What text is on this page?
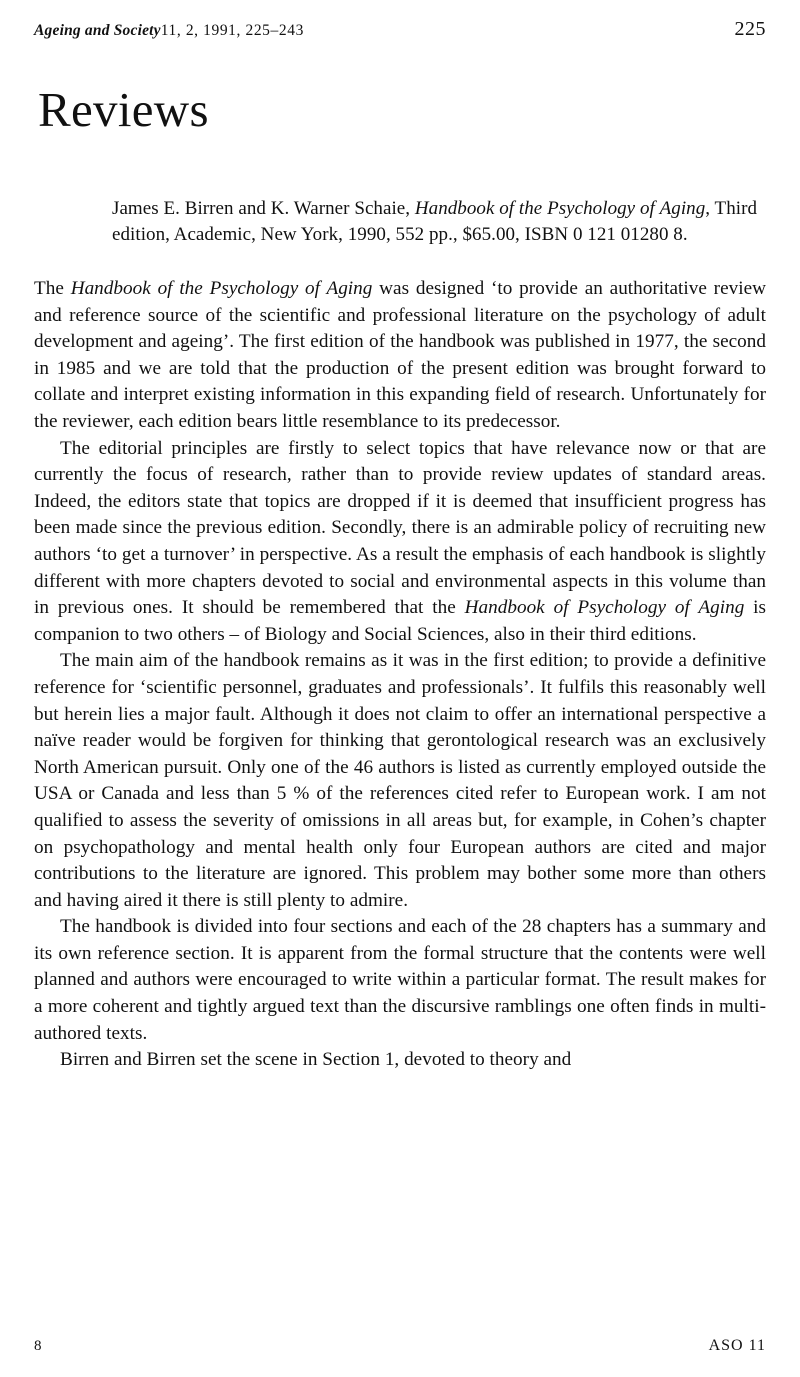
Ageing and Society11, 2, 1991, 225–243	225
Reviews
James E. Birren and K. Warner Schaie, Handbook of the Psychology of Aging, Third edition, Academic, New York, 1990, 552 pp., $65.00, ISBN 0 121 01280 8.

The Handbook of the Psychology of Aging was designed ‘to provide an authoritative review and reference source of the scientific and professional literature on the psychology of adult development and ageing’. The first edition of the handbook was published in 1977, the second in 1985 and we are told that the production of the present edition was brought forward to collate and interpret existing information in this expanding field of research. Unfortunately for the reviewer, each edition bears little resemblance to its predecessor.

The editorial principles are firstly to select topics that have relevance now or that are currently the focus of research, rather than to provide review updates of standard areas. Indeed, the editors state that topics are dropped if it is deemed that insufficient progress has been made since the previous edition. Secondly, there is an admirable policy of recruiting new authors ‘to get a turnover’ in perspective. As a result the emphasis of each handbook is slightly different with more chapters devoted to social and environmental aspects in this volume than in previous ones. It should be remembered that the Handbook of Psychology of Aging is companion to two others – of Biology and Social Sciences, also in their third editions.

The main aim of the handbook remains as it was in the first edition; to provide a definitive reference for ‘scientific personnel, graduates and professionals’. It fulfils this reasonably well but herein lies a major fault. Although it does not claim to offer an international perspective a naïve reader would be forgiven for thinking that gerontological research was an exclusively North American pursuit. Only one of the 46 authors is listed as currently employed outside the USA or Canada and less than 5 % of the references cited refer to European work. I am not qualified to assess the severity of omissions in all areas but, for example, in Cohen’s chapter on psychopathology and mental health only four European authors are cited and major contributions to the literature are ignored. This problem may bother some more than others and having aired it there is still plenty to admire.

The handbook is divided into four sections and each of the 28 chapters has a summary and its own reference section. It is apparent from the formal structure that the contents were well planned and authors were encouraged to write within a particular format. The result makes for a more coherent and tightly argued text than the discursive ramblings one often finds in multi-authored texts.

Birren and Birren set the scene in Section 1, devoted to theory and

8	ASO 11
